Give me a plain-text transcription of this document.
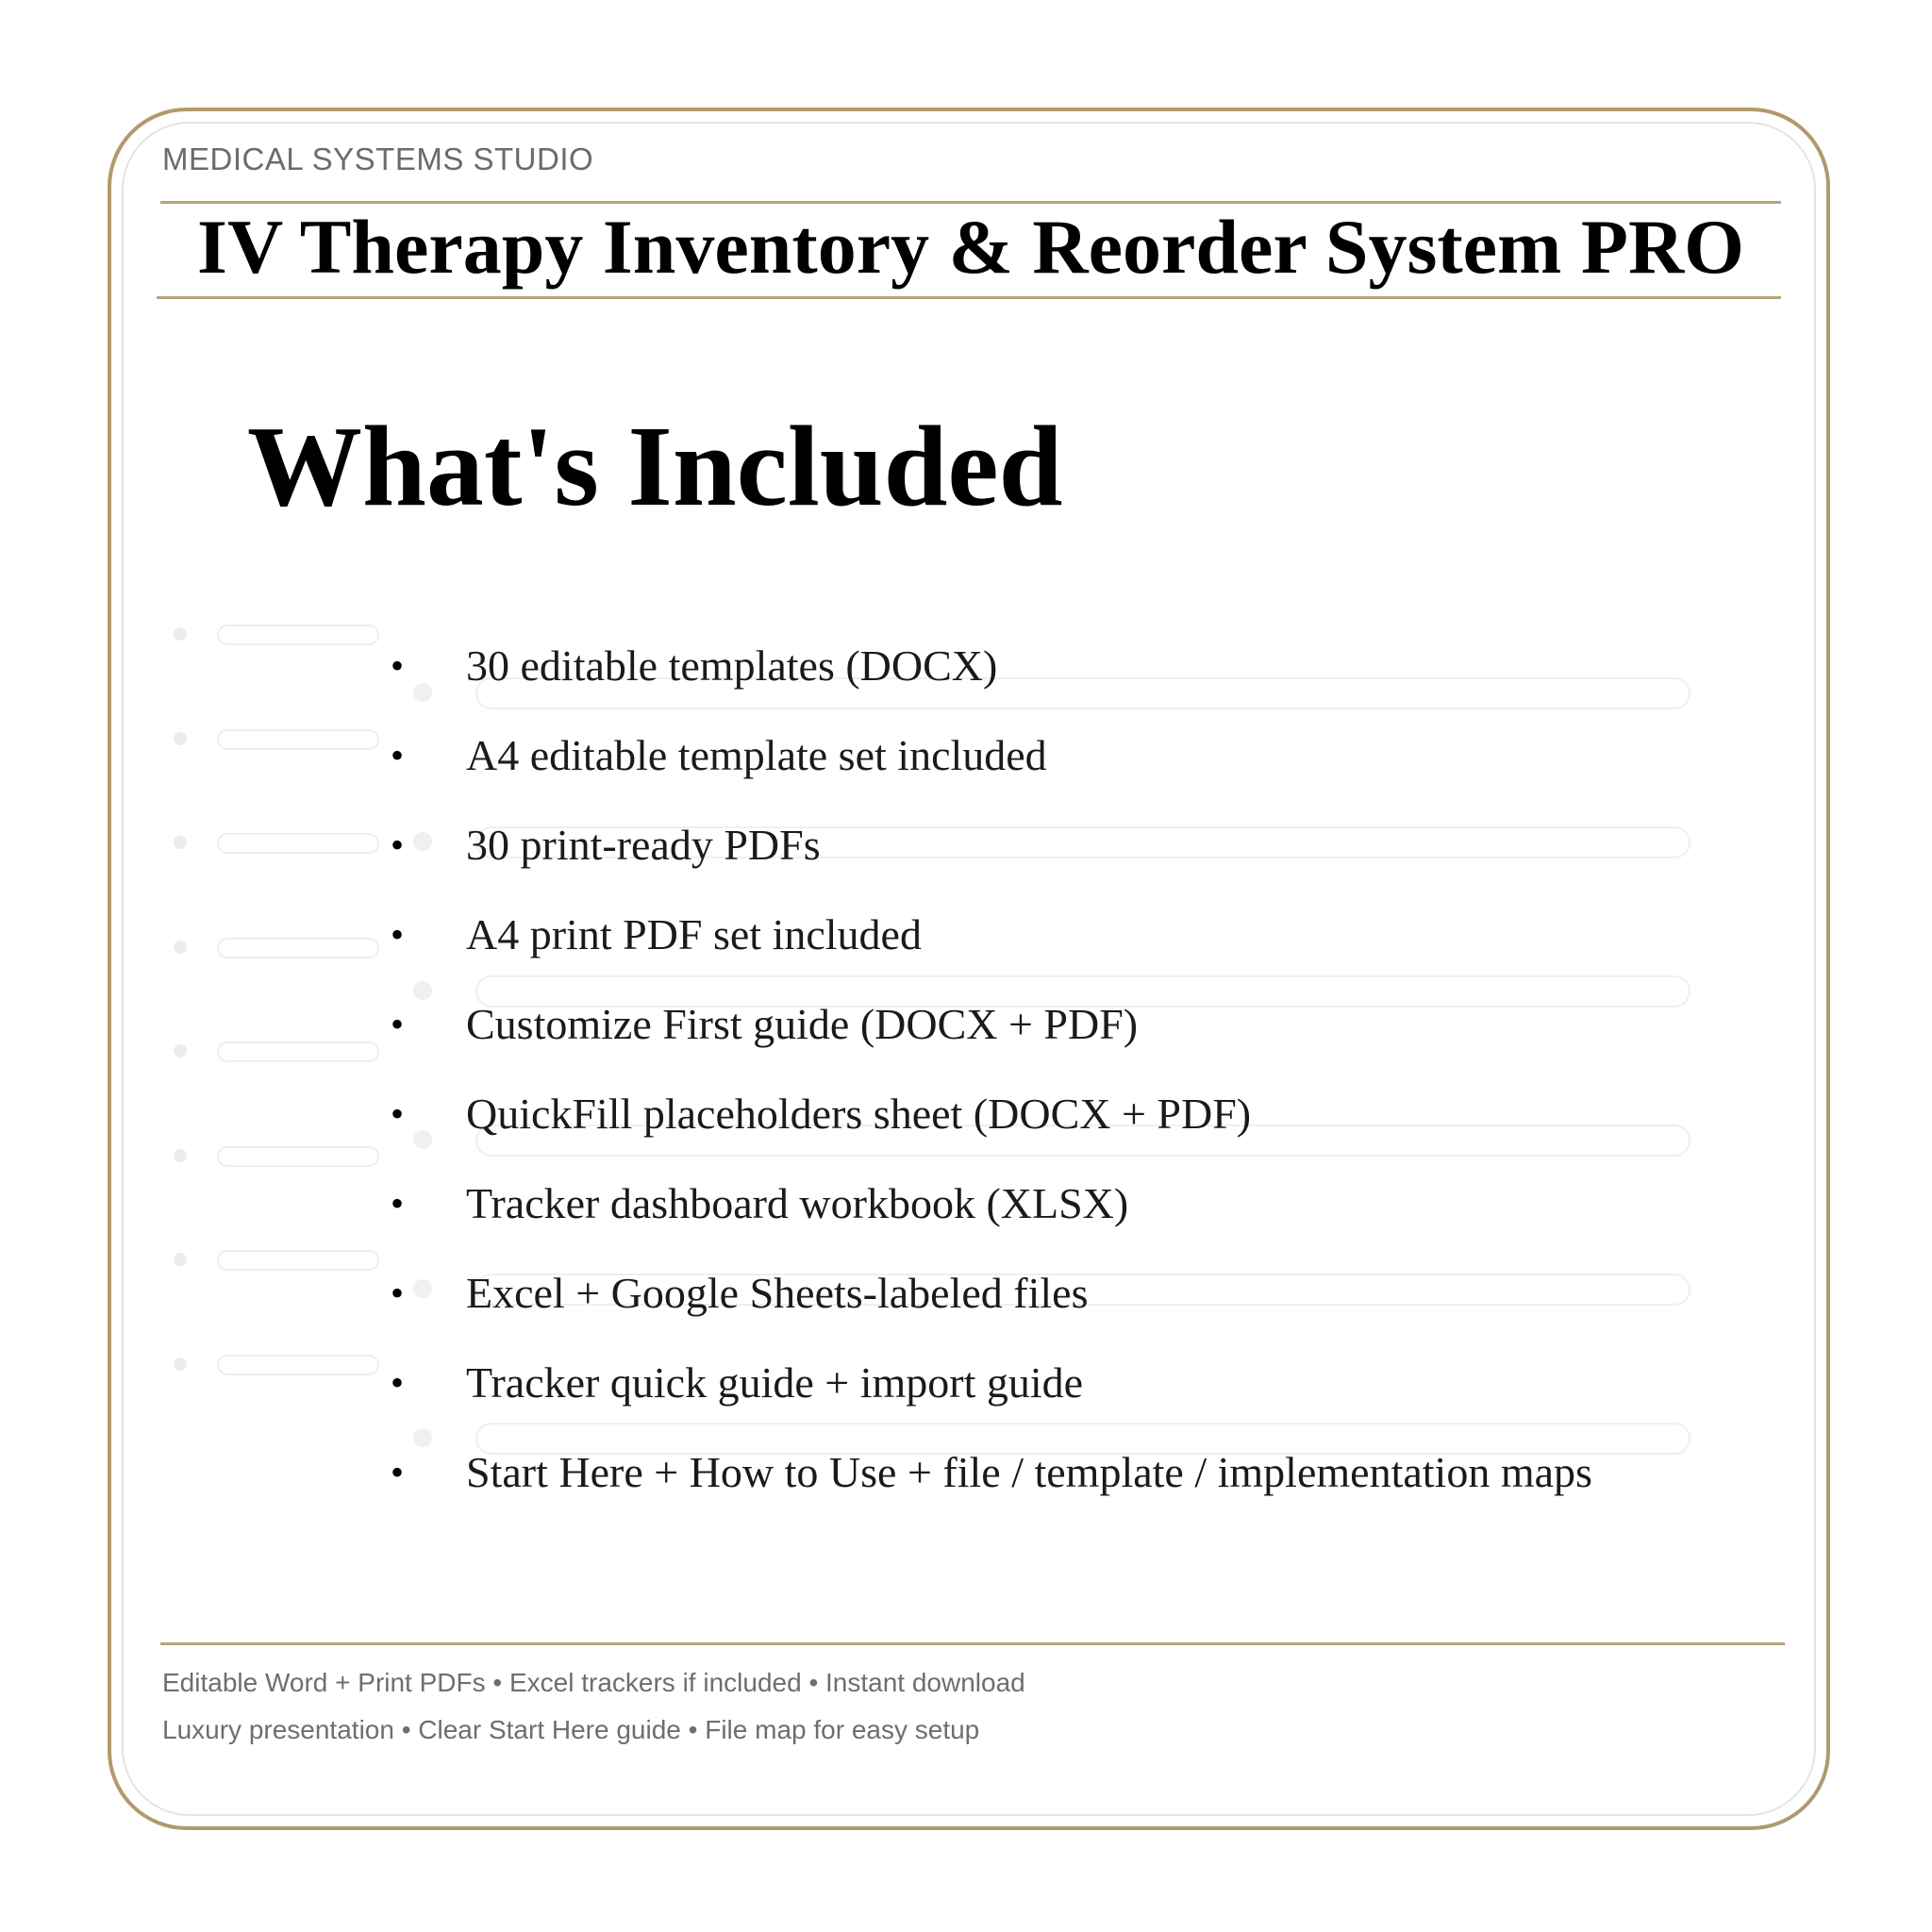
MEDICAL SYSTEMS STUDIO
IV Therapy Inventory & Reorder System PRO
What's Included
•	30 editable templates (DOCX)
•	A4 editable template set included
•	30 print-ready PDFs
•	A4 print PDF set included
•	Customize First guide (DOCX + PDF)
•	QuickFill placeholders sheet (DOCX + PDF)
•	Tracker dashboard workbook (XLSX)
•	Excel + Google Sheets-labeled files
•	Tracker quick guide + import guide
•	Start Here + How to Use + file / template / implementation maps
Editable Word + Print PDFs • Excel trackers if included • Instant download
Luxury presentation • Clear Start Here guide • File map for easy setup
